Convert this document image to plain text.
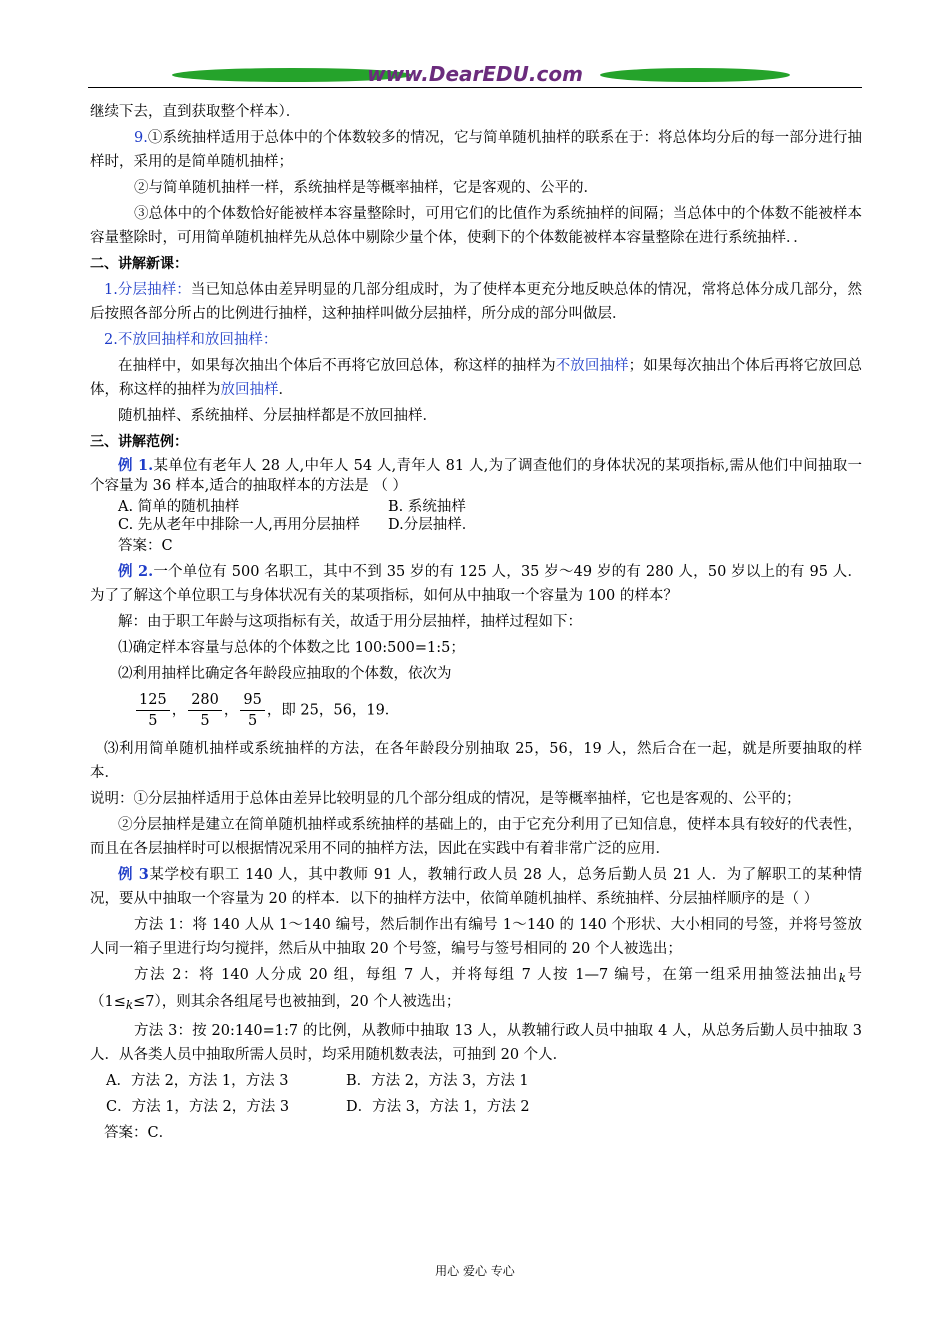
www.DearEDU.com

继续下去，直到获取整个样本）．

9.①系统抽样适用于总体中的个体数较多的情况，它与简单随机抽样的联系在于：将总体均分后的每一部分进行抽样时，采用的是简单随机抽样；

②与简单随机抽样一样，系统抽样是等概率抽样，它是客观的、公平的．

③总体中的个体数恰好能被样本容量整除时，可用它们的比值作为系统抽样的间隔；当总体中的个体数不能被样本容量整除时，可用简单随机抽样先从总体中剔除少量个体，使剩下的个体数能被样本容量整除在进行系统抽样．．

二、讲解新课：

1.分层抽样：当已知总体由差异明显的几部分组成时，为了使样本更充分地反映总体的情况，常将总体分成几部分，然后按照各部分所占的比例进行抽样，这种抽样叫做分层抽样，所分成的部分叫做层．

2.不放回抽样和放回抽样：

在抽样中，如果每次抽出个体后不再将它放回总体，称这样的抽样为不放回抽样；如果每次抽出个体后再将它放回总体，称这样的抽样为放回抽样．

随机抽样、系统抽样、分层抽样都是不放回抽样．

三、讲解范例：

例 1.某单位有老年人 28 人,中年人 54 人,青年人 81 人,为了调查他们的身体状况的某项指标,需从他们中间抽取一个容量为 36 样本,适合的抽取样本的方法是 （ ）

A. 简单的随机抽样	B. 系统抽样

C. 先从老年中排除一人,再用分层抽样	D.分层抽样．

答案：C

例 2.一个单位有 500 名职工，其中不到 35 岁的有 125 人，35 岁～49 岁的有 280 人，50 岁以上的有 95 人．为了了解这个单位职工与身体状况有关的某项指标，如何从中抽取一个容量为 100 的样本？

解：由于职工年龄与这项指标有关，故适于用分层抽样，抽样过程如下：

⑴确定样本容量与总体的个体数之比 100:500=1:5；

⑵利用抽样比确定各年龄段应抽取的个体数，依次为

$\frac{125}{5}$ ， $\frac{280}{5}$ ， $\frac{95}{5}$ ，即 25，56，19．

⑶利用简单随机抽样或系统抽样的方法，在各年龄段分别抽取 25，56，19 人，然后合在一起，就是所要抽取的样本．

说明：①分层抽样适用于总体由差异比较明显的几个部分组成的情况，是等概率抽样，它也是客观的、公平的；

②分层抽样是建立在简单随机抽样或系统抽样的基础上的，由于它充分利用了已知信息，使样本具有较好的代表性，而且在各层抽样时可以根据情况采用不同的抽样方法，因此在实践中有着非常广泛的应用．

例 3某学校有职工 140 人，其中教师 91 人，教辅行政人员 28 人，总务后勤人员 21 人．为了解职工的某种情况，要从中抽取一个容量为 20 的样本．以下的抽样方法中，依简单随机抽样、系统抽样、分层抽样顺序的是（ ）

方法 1：将 140 人从 1～140 编号，然后制作出有编号 1～140 的 140 个形状、大小相同的号签，并将号签放人同一箱子里进行均匀搅拌，然后从中抽取 20 个号签，编号与签号相同的 20 个人被选出；

方法 2：将 140 人分成 20 组，每组 7 人，并将每组 7 人按 1—7 编号，在第一组采用抽签法抽出$_k$号$(1\le_k\le 7)$，则其余各组尾号也被抽到，20 个人被选出；

方法 3：按 20:140=1:7 的比例，从教师中抽取 13 人，从教辅行政人员中抽取 4 人，从总务后勤人员中抽取 3 人．从各类人员中抽取所需人员时，均采用随机数表法，可抽到 20 个人．

A．方法 2，方法 1，方法 3	B．方法 2，方法 3，方法 1

C．方法 1，方法 2，方法 3	D．方法 3，方法 1，方法 2

答案：C．

用心 爱心 专心
